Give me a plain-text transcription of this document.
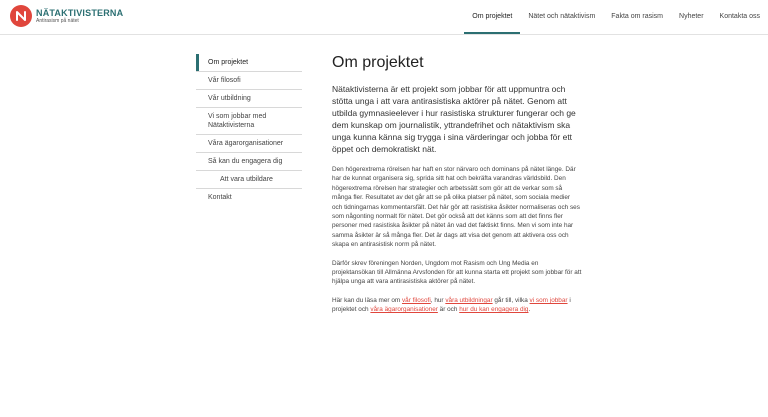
NÄTAKTIVISTERNA
Antirasism på nätet
Om projektet	Nätet och nätaktivism	Fakta om rasism	Nyheter	Kontakta oss
Om projektet
Vår filosofi
Vår utbildning
Vi som jobbar med Nätaktivisterna
Våra ägarorganisationer
Så kan du engagera dig
Att vara utbildare
Kontakt
Om projektet

Nätaktivisterna är ett projekt som jobbar för att uppmuntra och stötta unga i att vara antirasistiska aktörer på nätet. Genom att utbilda gymnasieelever i hur rasistiska strukturer fungerar och ge dem kunskap om journalistik, yttrandefrihet och nätaktivism ska unga kunna känna sig trygga i sina värderingar och jobba för ett öppet och demokratiskt nät.

Den högerextrema rörelsen har haft en stor närvaro och dominans på nätet länge. Där har de kunnat organisera sig, sprida sitt hat och bekräfta varandras världsbild. Den högerextrema rörelsen har strategier och arbetssätt som gör att de verkar som så många fler. Resultatet av det går att se på olika platser på nätet, som sociala medier och tidningarnas kommentarsfält. Det här gör att rasistiska åsikter normaliseras och ses som någonting normalt för nätet. Det gör också att det känns som att det finns fler personer med rasistiska åsikter på nätet än vad det faktiskt finns. Men vi som inte har samma åsikter är så många fler. Det är dags att visa det genom att aktivera oss och skapa en antirasistisk norm på nätet.

Därför skrev föreningen Norden, Ungdom mot Rasism och Ung Media en projektansökan till Allmänna Arvsfonden för att kunna starta ett projekt som jobbar för att hjälpa unga att vara antirasistiska aktörer på nätet.

Här kan du läsa mer om vår filosofi, hur våra utbildningar går till, vilka vi som jobbar i projektet och våra ägarorganisationer är och hur du kan engagera dig.
